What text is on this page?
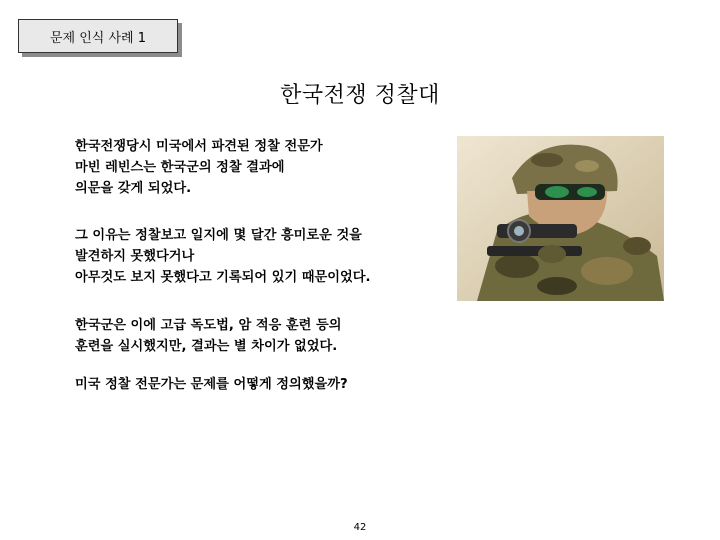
문제 인식 사례 1
한국전쟁 정찰대
한국전쟁당시 미국에서 파견된 정찰 전문가
마빈 레빈스는 한국군의 정찰 결과에
의문을 갖게 되었다.
그 이유는 정찰보고 일지에 몇 달간 흥미로운 것을
발견하지 못했다거나
아무것도 보지 못했다고 기록되어 있기 때문이었다.
한국군은 이에 고급 독도법, 암 적응 훈련 등의
훈련을 실시했지만, 결과는 별 차이가 없었다.
미국 정찰 전문가는 문제를 어떻게 정의했을까?
42
